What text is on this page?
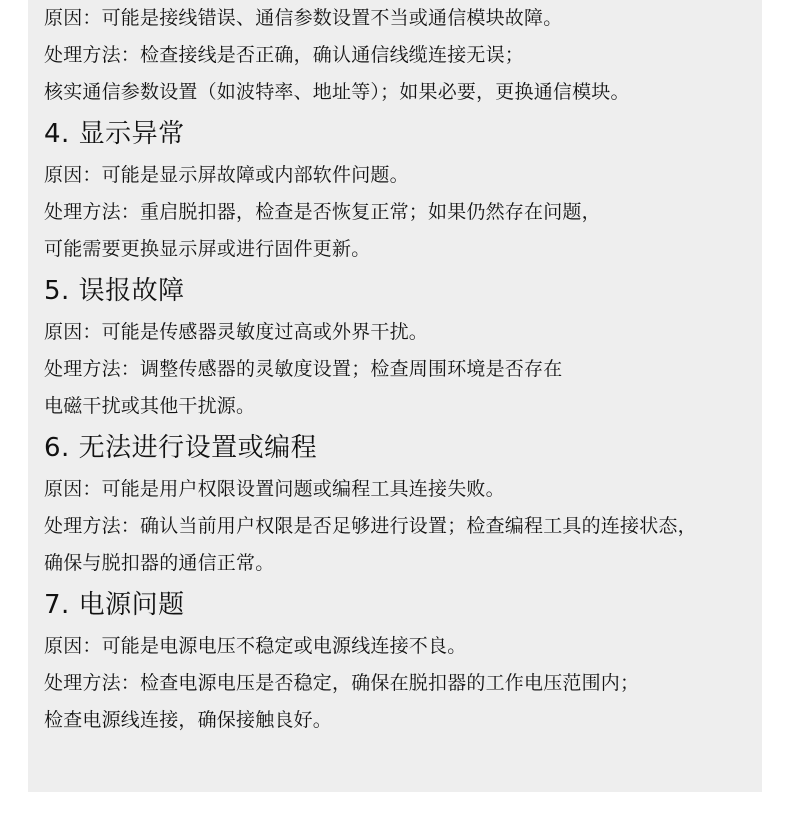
原因：可能是接线错误、通信参数设置不当或通信模块故障。
处理方法：检查接线是否正确，确认通信线缆连接无误；
核实通信参数设置（如波特率、地址等）；如果必要，更换通信模块。
4. 显示异常
原因：可能是显示屏故障或内部软件问题。
处理方法：重启脱扣器，检查是否恢复正常；如果仍然存在问题，
可能需要更换显示屏或进行固件更新。
5. 误报故障
原因：可能是传感器灵敏度过高或外界干扰。
处理方法：调整传感器的灵敏度设置；检查周围环境是否存在
电磁干扰或其他干扰源。
6. 无法进行设置或编程
原因：可能是用户权限设置问题或编程工具连接失败。
处理方法：确认当前用户权限是否足够进行设置；检查编程工具的连接状态，
确保与脱扣器的通信正常。
7. 电源问题
原因：可能是电源电压不稳定或电源线连接不良。
处理方法：检查电源电压是否稳定，确保在脱扣器的工作电压范围内；
检查电源线连接，确保接触良好。
